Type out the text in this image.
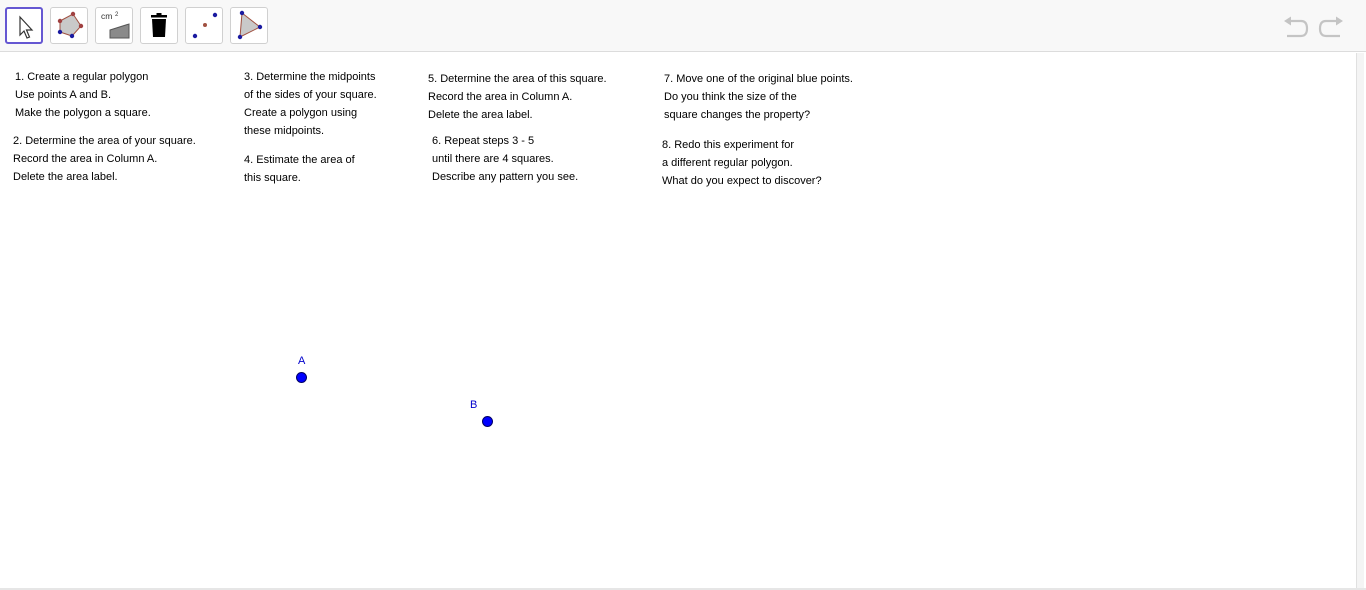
cm 2
1. Create a regular polygon
Use points A and B.
Make the polygon a square.
2. Determine the area of your square.
Record the area in Column A.
Delete the area label.
3. Determine the midpoints
of the sides of your square.
Create a polygon using
these midpoints.
4. Estimate the area of
this square.
5. Determine the area of this square.
Record the area in Column A.
Delete the area label.
6. Repeat steps 3 - 5
until there are 4 squares.
Describe any pattern you see.
7. Move one of the original blue points.
Do you think the size of the
square changes the property?
8. Redo this experiment for
a different regular polygon.
What do you expect to discover?
A
B
